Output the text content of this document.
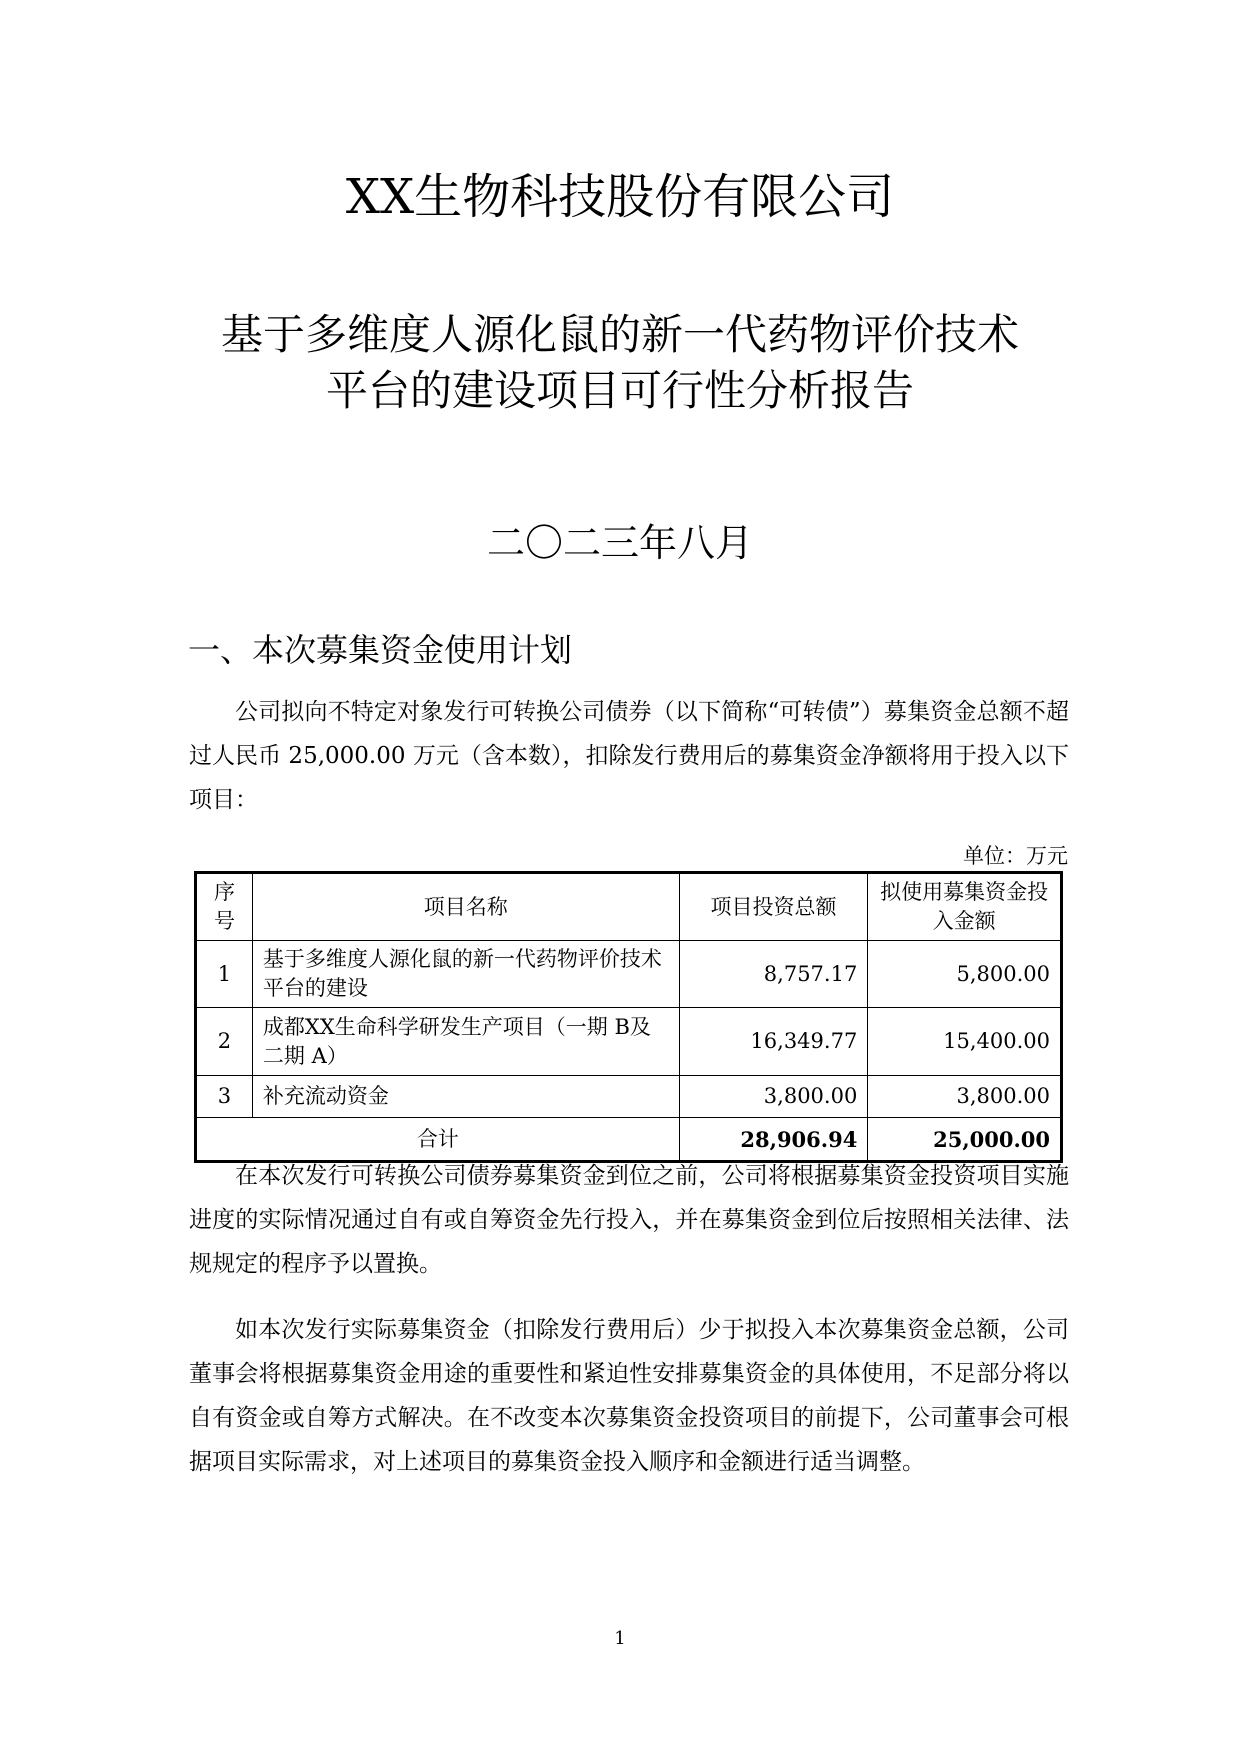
XX生物科技股份有限公司
基于多维度人源化鼠的新一代药物评价技术
平台的建设项目可行性分析报告
二〇二三年八月
一、本次募集资金使用计划

公司拟向不特定对象发行可转换公司债券（以下简称“可转债”）募集资金总额不超过人民币 25,000.00 万元（含本数），扣除发行费用后的募集资金净额将用于投入以下项目：

单位：万元
序号	项目名称	项目投资总额	拟使用募集资金投入金额
1	基于多维度人源化鼠的新一代药物评价技术平台的建设	8,757.17	5,800.00
2	成都XX生命科学研发生产项目（一期 B及二期 A）	16,349.77	15,400.00
3	补充流动资金	3,800.00	3,800.00
合计		28,906.94	25,000.00

在本次发行可转换公司债券募集资金到位之前，公司将根据募集资金投资项目实施进度的实际情况通过自有或自筹资金先行投入，并在募集资金到位后按照相关法律、法规规定的程序予以置换。

如本次发行实际募集资金（扣除发行费用后）少于拟投入本次募集资金总额，公司董事会将根据募集资金用途的重要性和紧迫性安排募集资金的具体使用，不足部分将以自有资金或自筹方式解决。在不改变本次募集资金投资项目的前提下，公司董事会可根据项目实际需求，对上述项目的募集资金投入顺序和金额进行适当调整。

1
